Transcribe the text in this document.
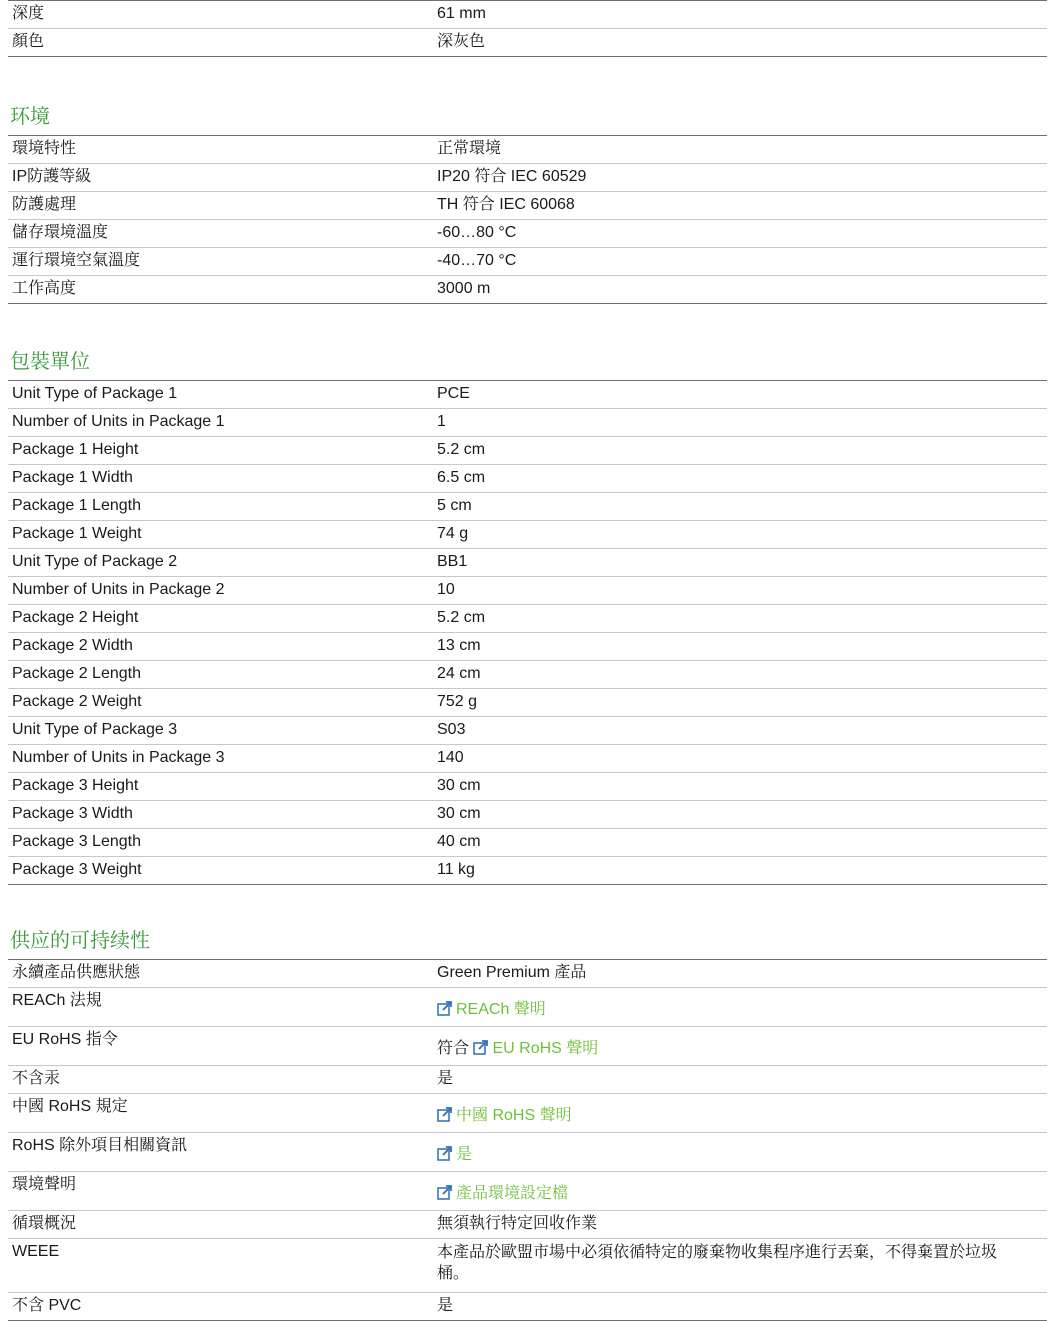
深度	61 mm
顏色	深灰色
环境
環境特性	正常環境
IP防護等級	IP20 符合 IEC 60529
防護處理	TH 符合 IEC 60068
儲存環境溫度	-60…80 °C
運行環境空氣溫度	-40…70 °C
工作高度	3000 m
包裝單位
Unit Type of Package 1	PCE
Number of Units in Package 1	1
Package 1 Height	5.2 cm
Package 1 Width	6.5 cm
Package 1 Length	5 cm
Package 1 Weight	74 g
Unit Type of Package 2	BB1
Number of Units in Package 2	10
Package 2 Height	5.2 cm
Package 2 Width	13 cm
Package 2 Length	24 cm
Package 2 Weight	752 g
Unit Type of Package 3	S03
Number of Units in Package 3	140
Package 3 Height	30 cm
Package 3 Width	30 cm
Package 3 Length	40 cm
Package 3 Weight	11 kg
供应的可持续性
永續產品供應狀態	Green Premium 產品
REACh 法規	REACh 聲明
EU RoHS 指令	符合 EU RoHS 聲明
不含汞	是
中國 RoHS 規定	中國 RoHS 聲明
RoHS 除外項目相關資訊	是
環境聲明	產品環境設定檔
循環概況	無須執行特定回收作業
WEEE	本產品於歐盟市場中必須依循特定的廢棄物收集程序進行丟棄，不得棄置於垃圾桶。
不含 PVC	是
